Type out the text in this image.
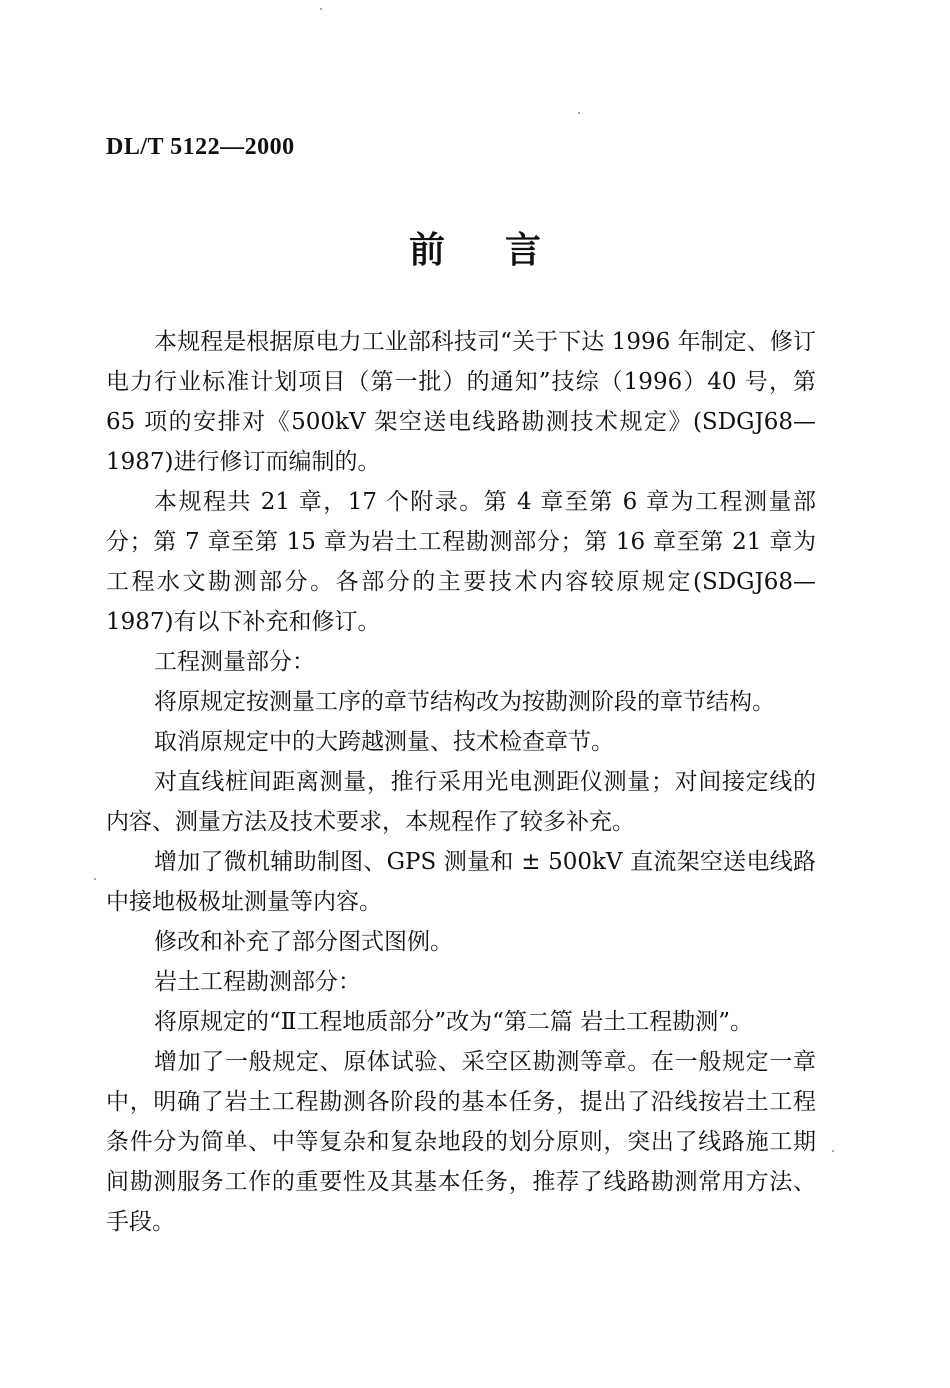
DL/T 5122—2000
前言

本规程是根据原电力工业部科技司“关于下达 1996 年制定、修订电力行业标准计划项目（第一批）的通知”技综（1996）40 号，第 65 项的安排对《500kV 架空送电线路勘测技术规定》(SDGJ68—1987)进行修订而编制的。

本规程共 21 章，17 个附录。第 4 章至第 6 章为工程测量部分；第 7 章至第 15 章为岩土工程勘测部分；第 16 章至第 21 章为工程水文勘测部分。各部分的主要技术内容较原规定(SDGJ68—1987)有以下补充和修订。

工程测量部分：

将原规定按测量工序的章节结构改为按勘测阶段的章节结构。

取消原规定中的大跨越测量、技术检查章节。

对直线桩间距离测量，推行采用光电测距仪测量；对间接定线的内容、测量方法及技术要求，本规程作了较多补充。

增加了微机辅助制图、GPS 测量和 ± 500kV 直流架空送电线路中接地极极址测量等内容。

修改和补充了部分图式图例。

岩土工程勘测部分：

将原规定的“Ⅱ工程地质部分”改为“第二篇 岩土工程勘测”。

增加了一般规定、原体试验、采空区勘测等章。在一般规定一章中，明确了岩土工程勘测各阶段的基本任务，提出了沿线按岩土工程条件分为简单、中等复杂和复杂地段的划分原则，突出了线路施工期间勘测服务工作的重要性及其基本任务，推荐了线路勘测常用方法、手段。
